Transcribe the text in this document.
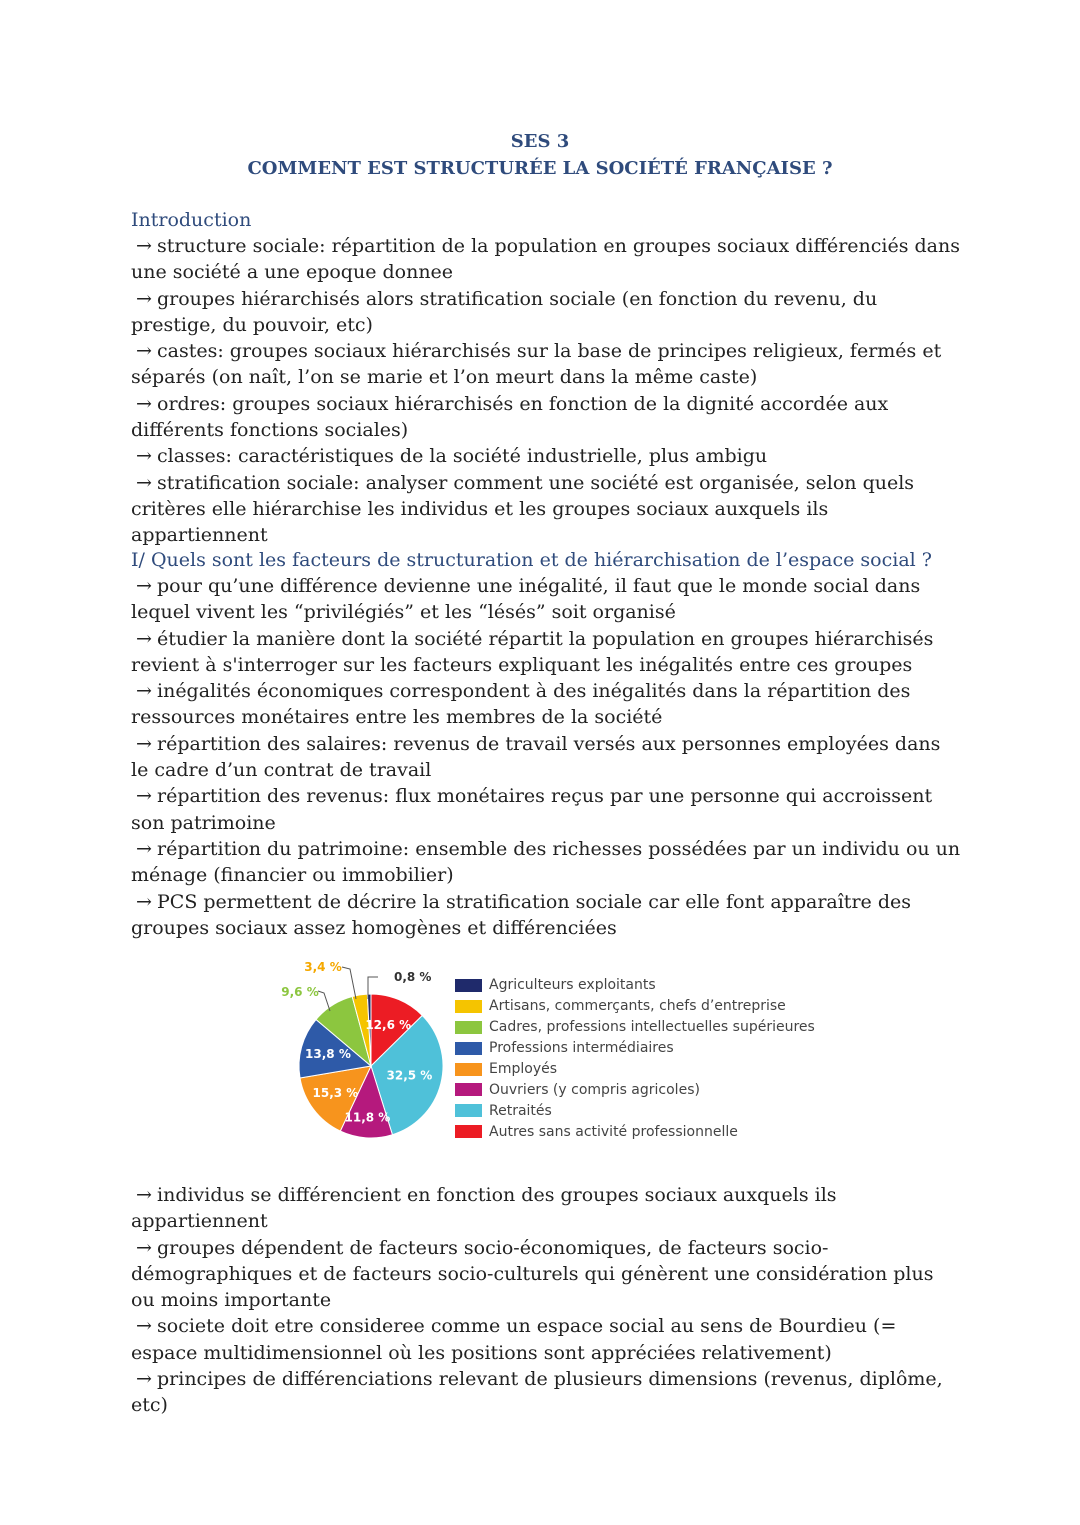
SES 3
COMMENT EST STRUCTURÉE LA SOCIÉTÉ FRANÇAISE ?
Introduction

→ structure sociale: répartition de la population en groupes sociaux différenciés dans une société a une epoque donnee

→ groupes hiérarchisés alors stratification sociale (en fonction du revenu, du prestige, du pouvoir, etc)

→ castes: groupes sociaux hiérarchisés sur la base de principes religieux, fermés et séparés (on naît, l’on se marie et l’on meurt dans la même caste)

→ ordres: groupes sociaux hiérarchisés en fonction de la dignité accordée aux différents fonctions sociales)

→ classes: caractéristiques de la société industrielle, plus ambigu

→ stratification sociale: analyser comment une société est organisée, selon quels critères elle hiérarchise les individus et les groupes sociaux auxquels ils appartiennent

I/ Quels sont les facteurs de structuration et de hiérarchisation de l’espace social ?

→ pour qu’une différence devienne une inégalité, il faut que le monde social dans lequel vivent les “privilégiés” et les “lésés” soit organisé

→ étudier la manière dont la société répartit la population en groupes hiérarchisés revient à s'interroger sur les facteurs expliquant les inégalités entre ces groupes

→ inégalités économiques correspondent à des inégalités dans la répartition des ressources monétaires entre les membres de la société

→ répartition des salaires: revenus de travail versés aux personnes employées dans le cadre d’un contrat de travail

→ répartition des revenus: flux monétaires reçus par une personne qui accroissent son patrimoine

→ répartition du patrimoine: ensemble des richesses possédées par un individu ou un ménage (financier ou immobilier)

→ PCS permettent de décrire la stratification sociale car elle font apparaître des groupes sociaux assez homogènes et différenciées

12,6 %
32,5 %
11,8 %
15,3 %
13,8 %
0,8 %
3,4 %
9,6 %	Agriculteurs exploitants
Artisans, commerçants, chefs d’entreprise
Cadres, professions intellectuelles supérieures
Professions intermédiaires
Employés
Ouvriers (y compris agricoles)
Retraités
Autres sans activité professionnelle

→ individus se différencient en fonction des groupes sociaux auxquels ils appartiennent

→ groupes dépendent de facteurs socio-économiques, de facteurs socio-démographiques et de facteurs socio-culturels qui génèrent une considération plus ou moins importante

→ societe doit etre consideree comme un espace social au sens de Bourdieu (= espace multidimensionnel où les positions sont appréciées relativement)

→ principes de différenciations relevant de plusieurs dimensions (revenus, diplôme, etc)
